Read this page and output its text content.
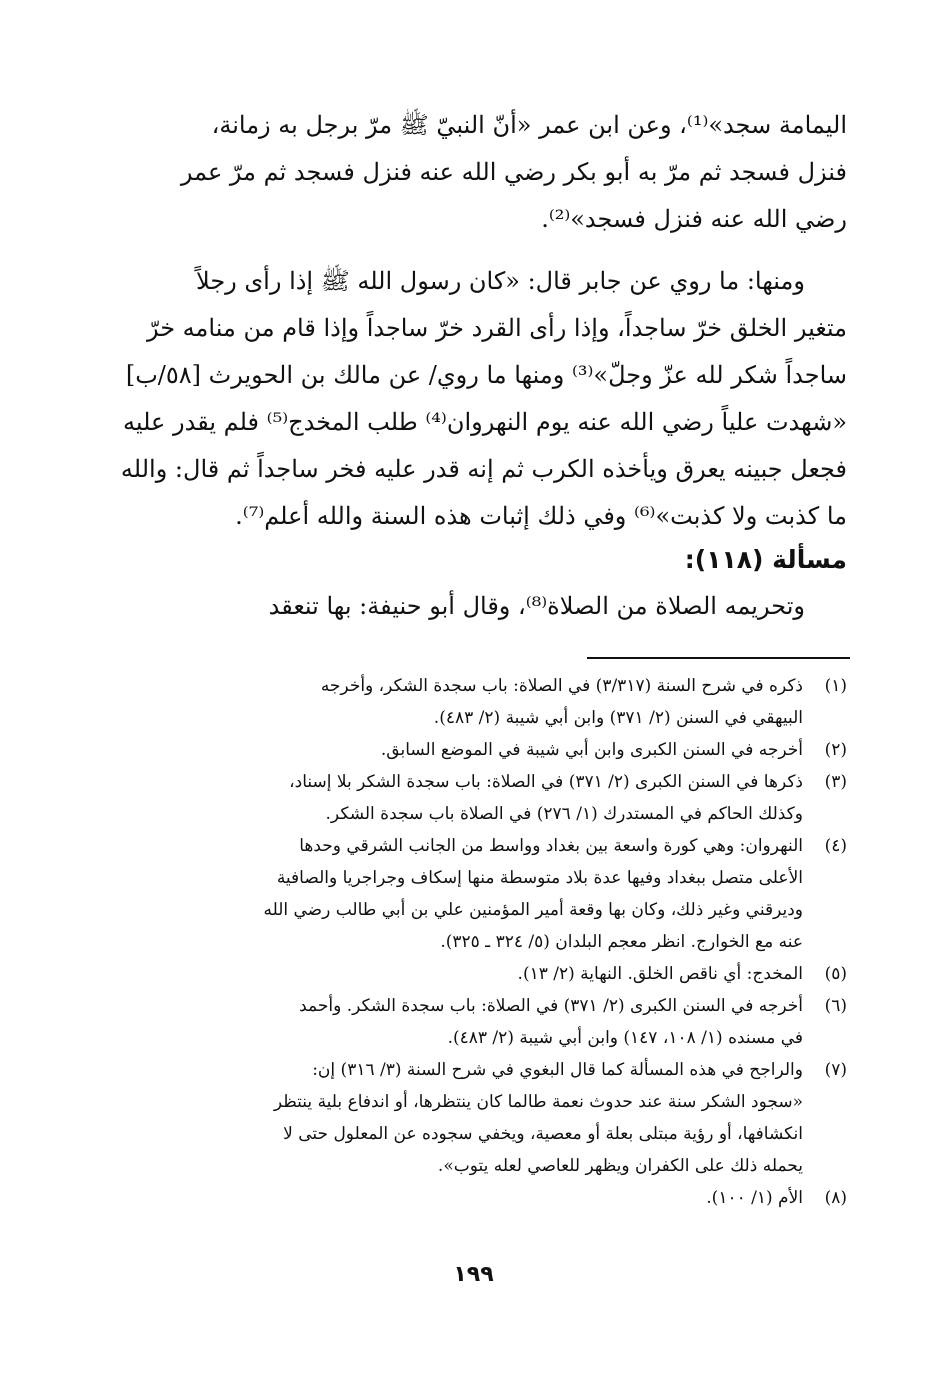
اليمامة سجد»⁽¹⁾، وعن ابن عمر «أنّ النبيّ ﷺ مرّ برجل به زمانة،
فنزل فسجد ثم مرّ به أبو بكر رضي الله عنه فنزل فسجد ثم مرّ عمر
رضي الله عنه فنزل فسجد»⁽²⁾.
ومنها: ما روي عن جابر قال: «كان رسول الله ﷺ إذا رأى رجلاً
متغير الخلق خرّ ساجداً، وإذا رأى القرد خرّ ساجداً وإذا قام من منامه خرّ
ساجداً شكر لله عزّ وجلّ»⁽³⁾ ومنها ما روي/ عن مالك بن الحويرث [٥٨/ب]
«شهدت علياً رضي الله عنه يوم النهروان⁽⁴⁾ طلب المخدج⁽⁵⁾ فلم يقدر عليه
فجعل جبينه يعرق ويأخذه الكرب ثم إنه قدر عليه فخر ساجداً ثم قال: والله
ما كذبت ولا كذبت»⁽⁶⁾ وفي ذلك إثبات هذه السنة والله أعلم⁽⁷⁾.
مسألة (١١٨):
وتحريمه الصلاة من الصلاة⁽⁸⁾، وقال أبو حنيفة: بها تنعقد
(١)
ذكره في شرح السنة (٣/٣١٧) في الصلاة: باب سجدة الشكر، وأخرجه
البيهقي في السنن (٢/ ٣٧١) وابن أبي شيبة (٢/ ٤٨٣).
(٢)
أخرجه في السنن الكبرى وابن أبي شيبة في الموضع السابق.
(٣)
ذكرها في السنن الكبرى (٢/ ٣٧١) في الصلاة: باب سجدة الشكر بلا إسناد،
وكذلك الحاكم في المستدرك (١/ ٢٧٦) في الصلاة باب سجدة الشكر.
(٤)
النهروان: وهي كورة واسعة بين بغداد وواسط من الجانب الشرقي وحدها
الأعلى متصل ببغداد وفيها عدة بلاد متوسطة منها إسكاف وجراجريا والصافية
وديرقني وغير ذلك، وكان بها وقعة أمير المؤمنين علي بن أبي طالب رضي الله
عنه مع الخوارج. انظر معجم البلدان (٥/ ٣٢٤ ـ ٣٢٥).
(٥)
المخدج: أي ناقص الخلق. النهاية (٢/ ١٣).
(٦)
أخرجه في السنن الكبرى (٢/ ٣٧١) في الصلاة: باب سجدة الشكر. وأحمد
في مسنده (١/ ١٠٨، ١٤٧) وابن أبي شيبة (٢/ ٤٨٣).
(٧)
والراجح في هذه المسألة كما قال البغوي في شرح السنة (٣/ ٣١٦) إن:
«سجود الشكر سنة عند حدوث نعمة طالما كان ينتظرها، أو اندفاع بلية ينتظر
انكشافها، أو رؤية مبتلى بعلة أو معصية، ويخفي سجوده عن المعلول حتى لا
يحمله ذلك على الكفران ويظهر للعاصي لعله يتوب».
(٨)
الأم (١/ ١٠٠).
١٩٩
